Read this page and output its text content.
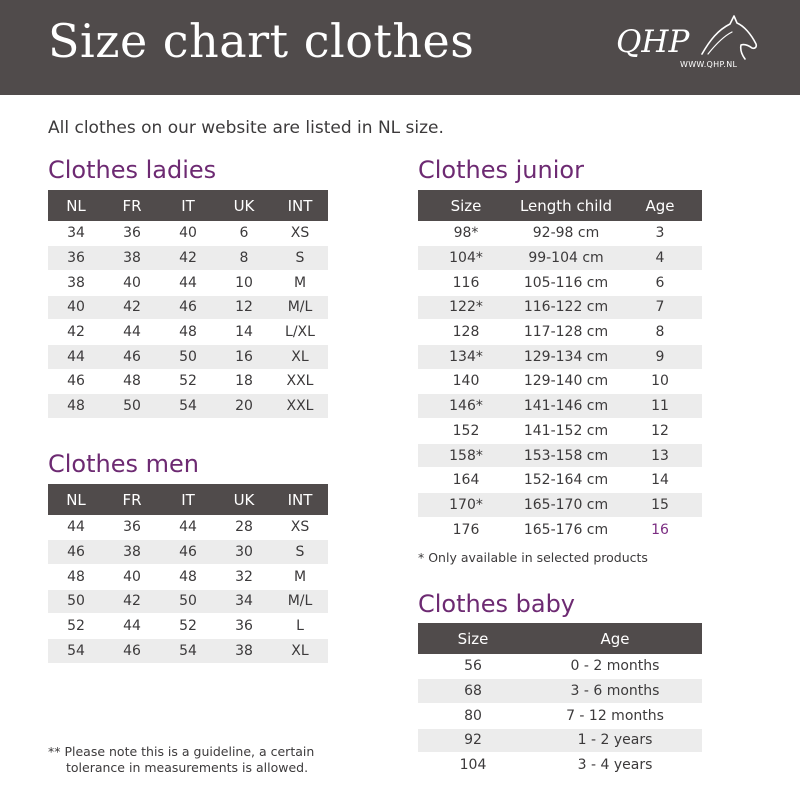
Size chart clothes	QHP
WWW.QHP.NL
All clothes on our website are listed in NL size.
Clothes ladies
NL	FR	IT	UK	INT
34	36	40	6	XS
36	38	42	8	S
38	40	44	10	M
40	42	46	12	M/L
42	44	48	14	L/XL
44	46	50	16	XL
46	48	52	18	XXL
48	50	54	20	XXL
Clothes men
NL	FR	IT	UK	INT
44	36	44	28	XS
46	38	46	30	S
48	40	48	32	M
50	42	50	34	M/L
52	44	52	36	L
54	46	54	38	XL
Clothes junior
Size	Length child	Age
98*	92-98 cm	3
104*	99-104 cm	4
116	105-116 cm	6
122*	116-122 cm	7
128	117-128 cm	8
134*	129-134 cm	9
140	129-140 cm	10
146*	141-146 cm	11
152	141-152 cm	12
158*	153-158 cm	13
164	152-164 cm	14
170*	165-170 cm	15
176	165-176 cm	16
* Only available in selected products
Clothes baby
Size	Age
56	0 - 2 months
68	3 - 6 months
80	7 - 12 months
92	1 - 2 years
104	3 - 4 years
** Please note this is a guideline, a certain
tolerance in measurements is allowed.
